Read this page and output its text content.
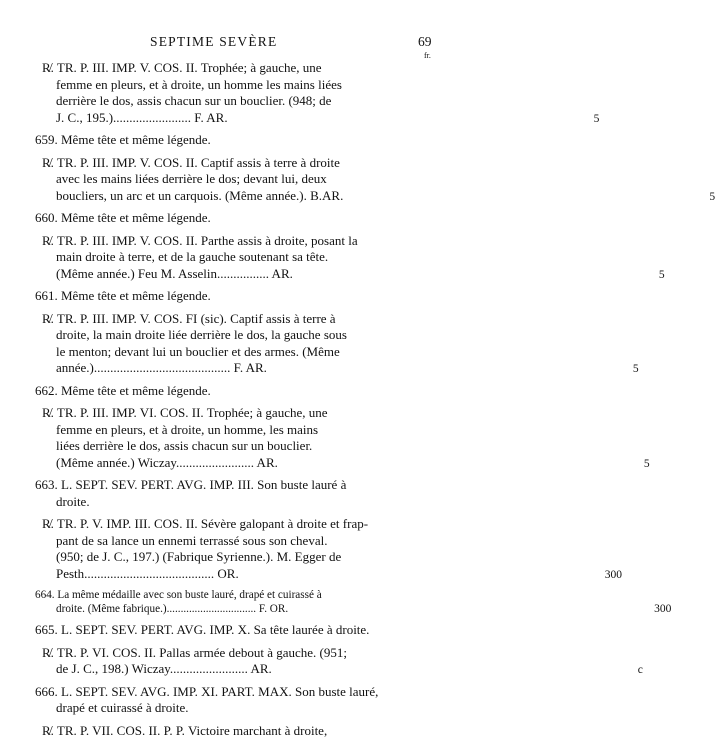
SEPTIME SEVÈRE	69
fr.
R̸. TR. P. III. IMP. V. COS. II. Trophée; à gauche, une
femme en pleurs, et à droite, un homme les mains liées
derrière le dos, assis chacun sur un bouclier. (948; de
J. C., 195.)........................ F. AR.	5
659. Même tête et même légende.
R̸. TR. P. III. IMP. V. COS. II. Captif assis à terre à droite
avec les mains liées derrière le dos; devant lui, deux
boucliers, un arc et un carquois. (Même année.). B.AR.	5
660. Même tête et même légende.
R̸. TR. P. III. IMP. V. COS. II. Parthe assis à droite, posant la
main droite à terre, et de la gauche soutenant sa tête.
(Même année.) Feu M. Asselin................ AR.	5
661. Même tête et même légende.
R̸. TR. P. III. IMP. V. COS. FI (sic). Captif assis à terre à
droite, la main droite liée derrière le dos, la gauche sous
le menton; devant lui un bouclier et des armes. (Même
année.).......................................... F. AR.	5
662. Même tête et même légende.
R̸. TR. P. III. IMP. VI. COS. II. Trophée; à gauche, une
femme en pleurs, et à droite, un homme, les mains
liées derrière le dos, assis chacun sur un bouclier.
(Même année.) Wiczay........................ AR.	5
663. L. SEPT. SEV. PERT. AVG. IMP. III. Son buste lauré à
droite.
R̸. TR. P. V. IMP. III. COS. II. Sévère galopant à droite et frap-
pant de sa lance un ennemi terrassé sous son cheval.
(950; de J. C., 197.) (Fabrique Syrienne.). M. Egger de
Pesth........................................ OR.	300
664. La même médaille avec son buste lauré, drapé et cuirassé à
droite. (Même fabrique.)................................ F. OR.	300
665. L. SEPT. SEV. PERT. AVG. IMP. X. Sa tête laurée à droite.
R̸. TR. P. VI. COS. II. Pallas armée debout à gauche. (951;
de J. C., 198.) Wiczay........................ AR.	c
666. L. SEPT. SEV. AVG. IMP. XI. PART. MAX. Son buste lauré,
drapé et cuirassé à droite.
R̸. TR. P. VII. COS. II. P. P. Victoire marchant à droite,
